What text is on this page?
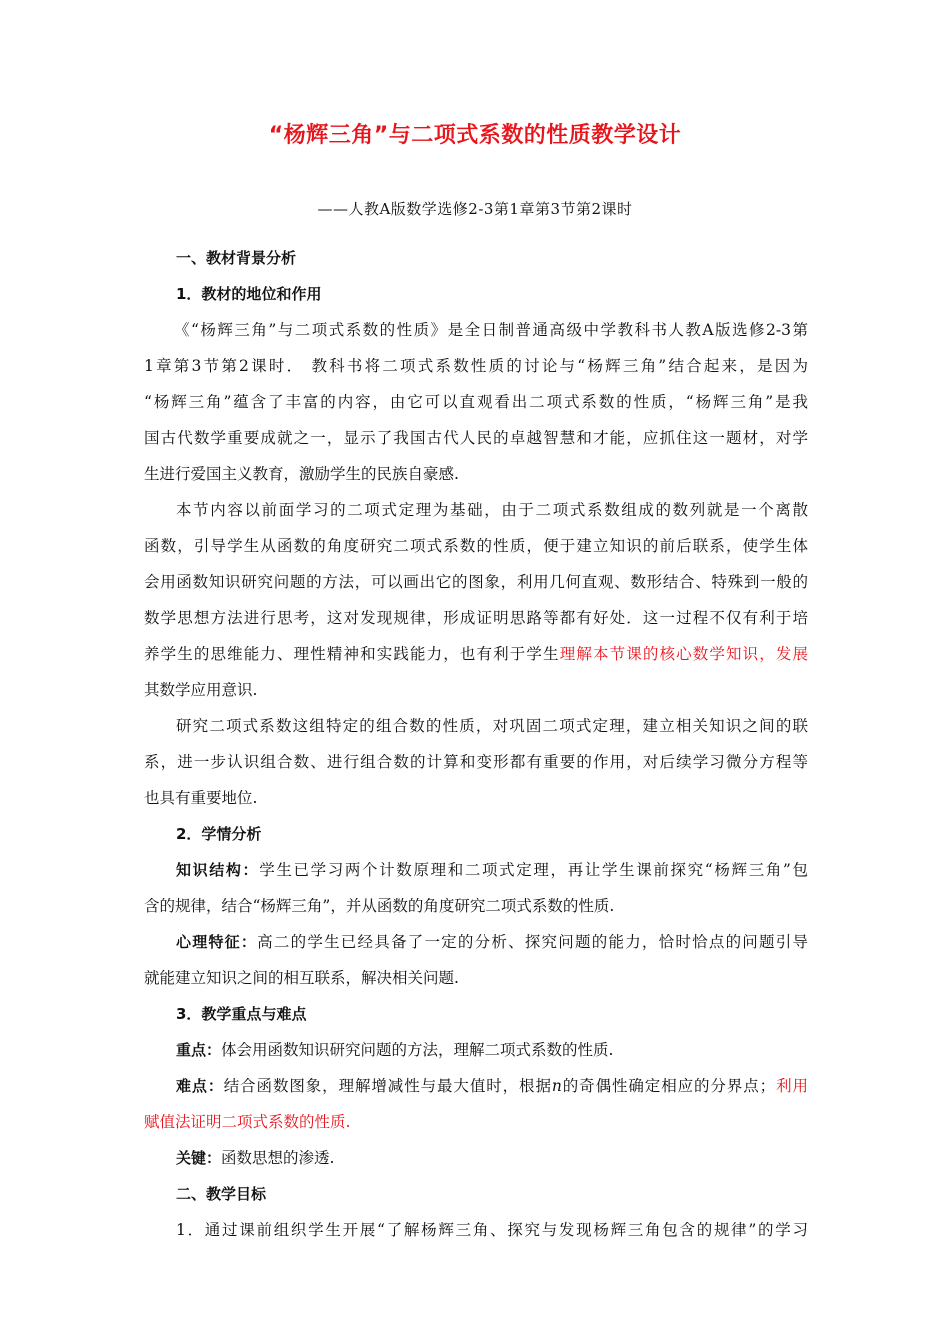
“杨辉三角”与二项式系数的性质教学设计
——人教A版数学选修2-3第1章第3节第2课时
一、教材背景分析
1．教材的地位和作用
《“杨辉三角”与二项式系数的性质》是全日制普通高级中学教科书人教A版选修2-3第
1章第3节第2课时． 教科书将二项式系数性质的讨论与“杨辉三角”结合起来，是因为
“杨辉三角”蕴含了丰富的内容，由它可以直观看出二项式系数的性质，“杨辉三角”是我
国古代数学重要成就之一，显示了我国古代人民的卓越智慧和才能，应抓住这一题材，对学
生进行爱国主义教育，激励学生的民族自豪感.
本节内容以前面学习的二项式定理为基础，由于二项式系数组成的数列就是一个离散
函数，引导学生从函数的角度研究二项式系数的性质，便于建立知识的前后联系，使学生体
会用函数知识研究问题的方法，可以画出它的图象，利用几何直观、数形结合、特殊到一般的
数学思想方法进行思考，这对发现规律，形成证明思路等都有好处．这一过程不仅有利于培
养学生的思维能力、理性精神和实践能力，也有利于学生理解本节课的核心数学知识，发展
其数学应用意识.
研究二项式系数这组特定的组合数的性质，对巩固二项式定理，建立相关知识之间的联
系，进一步认识组合数、进行组合数的计算和变形都有重要的作用，对后续学习微分方程等
也具有重要地位.
2．学情分析
知识结构：学生已学习两个计数原理和二项式定理，再让学生课前探究“杨辉三角”包
含的规律，结合“杨辉三角”，并从函数的角度研究二项式系数的性质.
心理特征：高二的学生已经具备了一定的分析、探究问题的能力，恰时恰点的问题引导
就能建立知识之间的相互联系，解决相关问题.
3．教学重点与难点
重点：体会用函数知识研究问题的方法，理解二项式系数的性质.
难点：结合函数图象，理解增减性与最大值时，根据n的奇偶性确定相应的分界点；利用
赋值法证明二项式系数的性质.
关键：函数思想的渗透.
二、教学目标
1．通过课前组织学生开展“了解杨辉三角、探究与发现杨辉三角包含的规律”的学习
